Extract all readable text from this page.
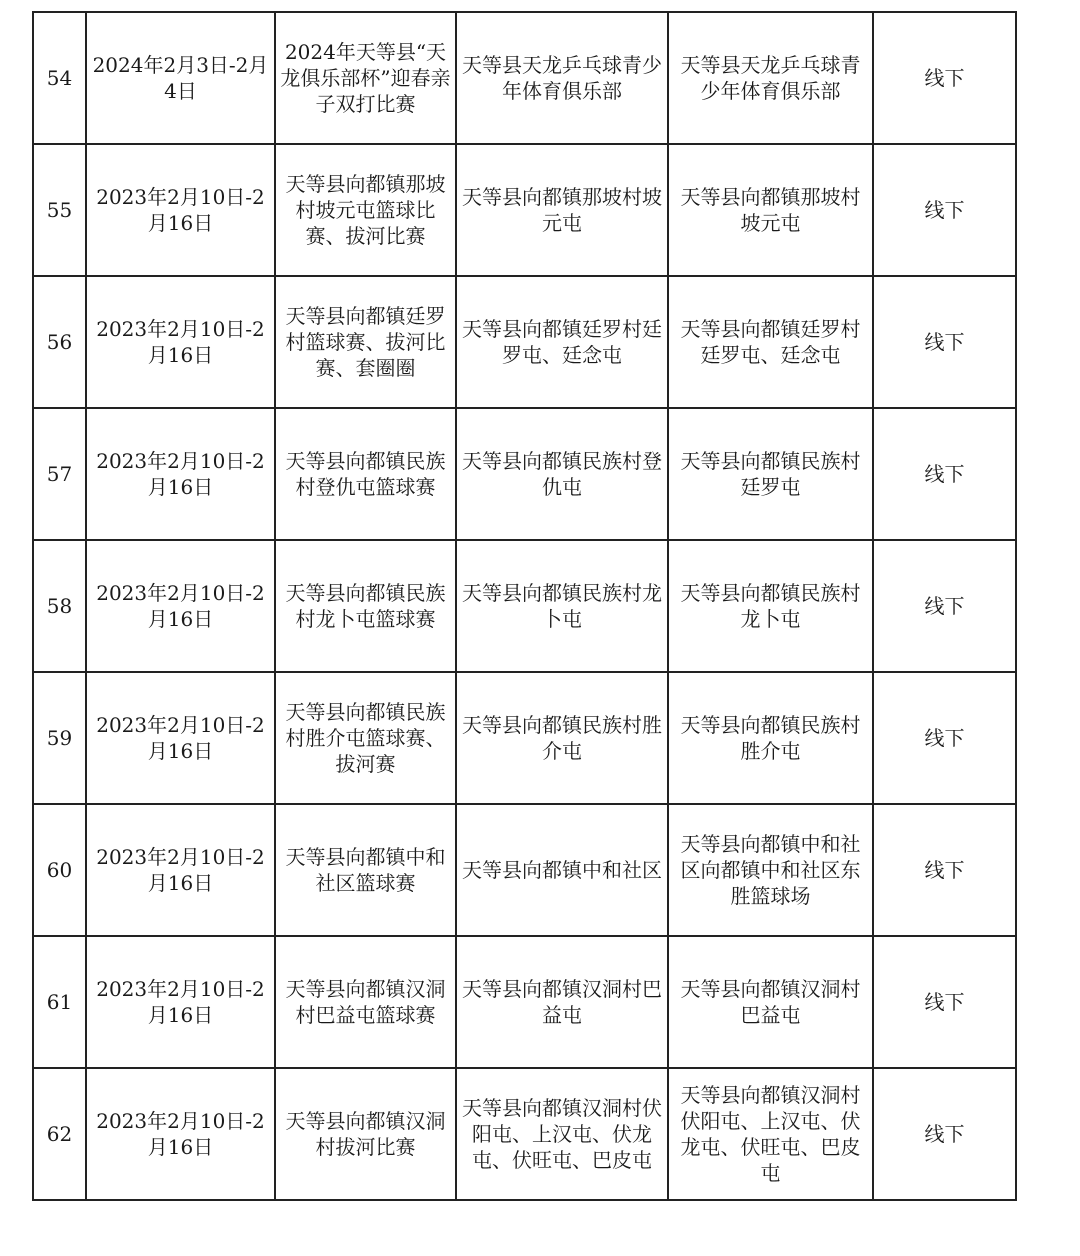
54	2024年2月3日-2月4日	2024年天等县“天龙俱乐部杯”迎春亲子双打比赛	天等县天龙乒乓球青少年体育俱乐部	天等县天龙乒乓球青少年体育俱乐部	线下
55	2023年2月10日-2月16日	天等县向都镇那坡村坡元屯篮球比赛、拔河比赛	天等县向都镇那坡村坡元屯	天等县向都镇那坡村坡元屯	线下
56	2023年2月10日-2月16日	天等县向都镇廷罗村篮球赛、拔河比赛、套圈圈	天等县向都镇廷罗村廷罗屯、廷念屯	天等县向都镇廷罗村廷罗屯、廷念屯	线下
57	2023年2月10日-2月16日	天等县向都镇民族村登仇屯篮球赛	天等县向都镇民族村登仇屯	天等县向都镇民族村廷罗屯	线下
58	2023年2月10日-2月16日	天等县向都镇民族村龙卜屯篮球赛	天等县向都镇民族村龙卜屯	天等县向都镇民族村龙卜屯	线下
59	2023年2月10日-2月16日	天等县向都镇民族村胜介屯篮球赛、拔河赛	天等县向都镇民族村胜介屯	天等县向都镇民族村胜介屯	线下
60	2023年2月10日-2月16日	天等县向都镇中和社区篮球赛	天等县向都镇中和社区	天等县向都镇中和社区向都镇中和社区东胜篮球场	线下
61	2023年2月10日-2月16日	天等县向都镇汉洞村巴益屯篮球赛	天等县向都镇汉洞村巴益屯	天等县向都镇汉洞村巴益屯	线下
62	2023年2月10日-2月16日	天等县向都镇汉洞村拔河比赛	天等县向都镇汉洞村伏阳屯、上汉屯、伏龙屯、伏旺屯、巴皮屯	天等县向都镇汉洞村伏阳屯、上汉屯、伏龙屯、伏旺屯、巴皮屯	线下
